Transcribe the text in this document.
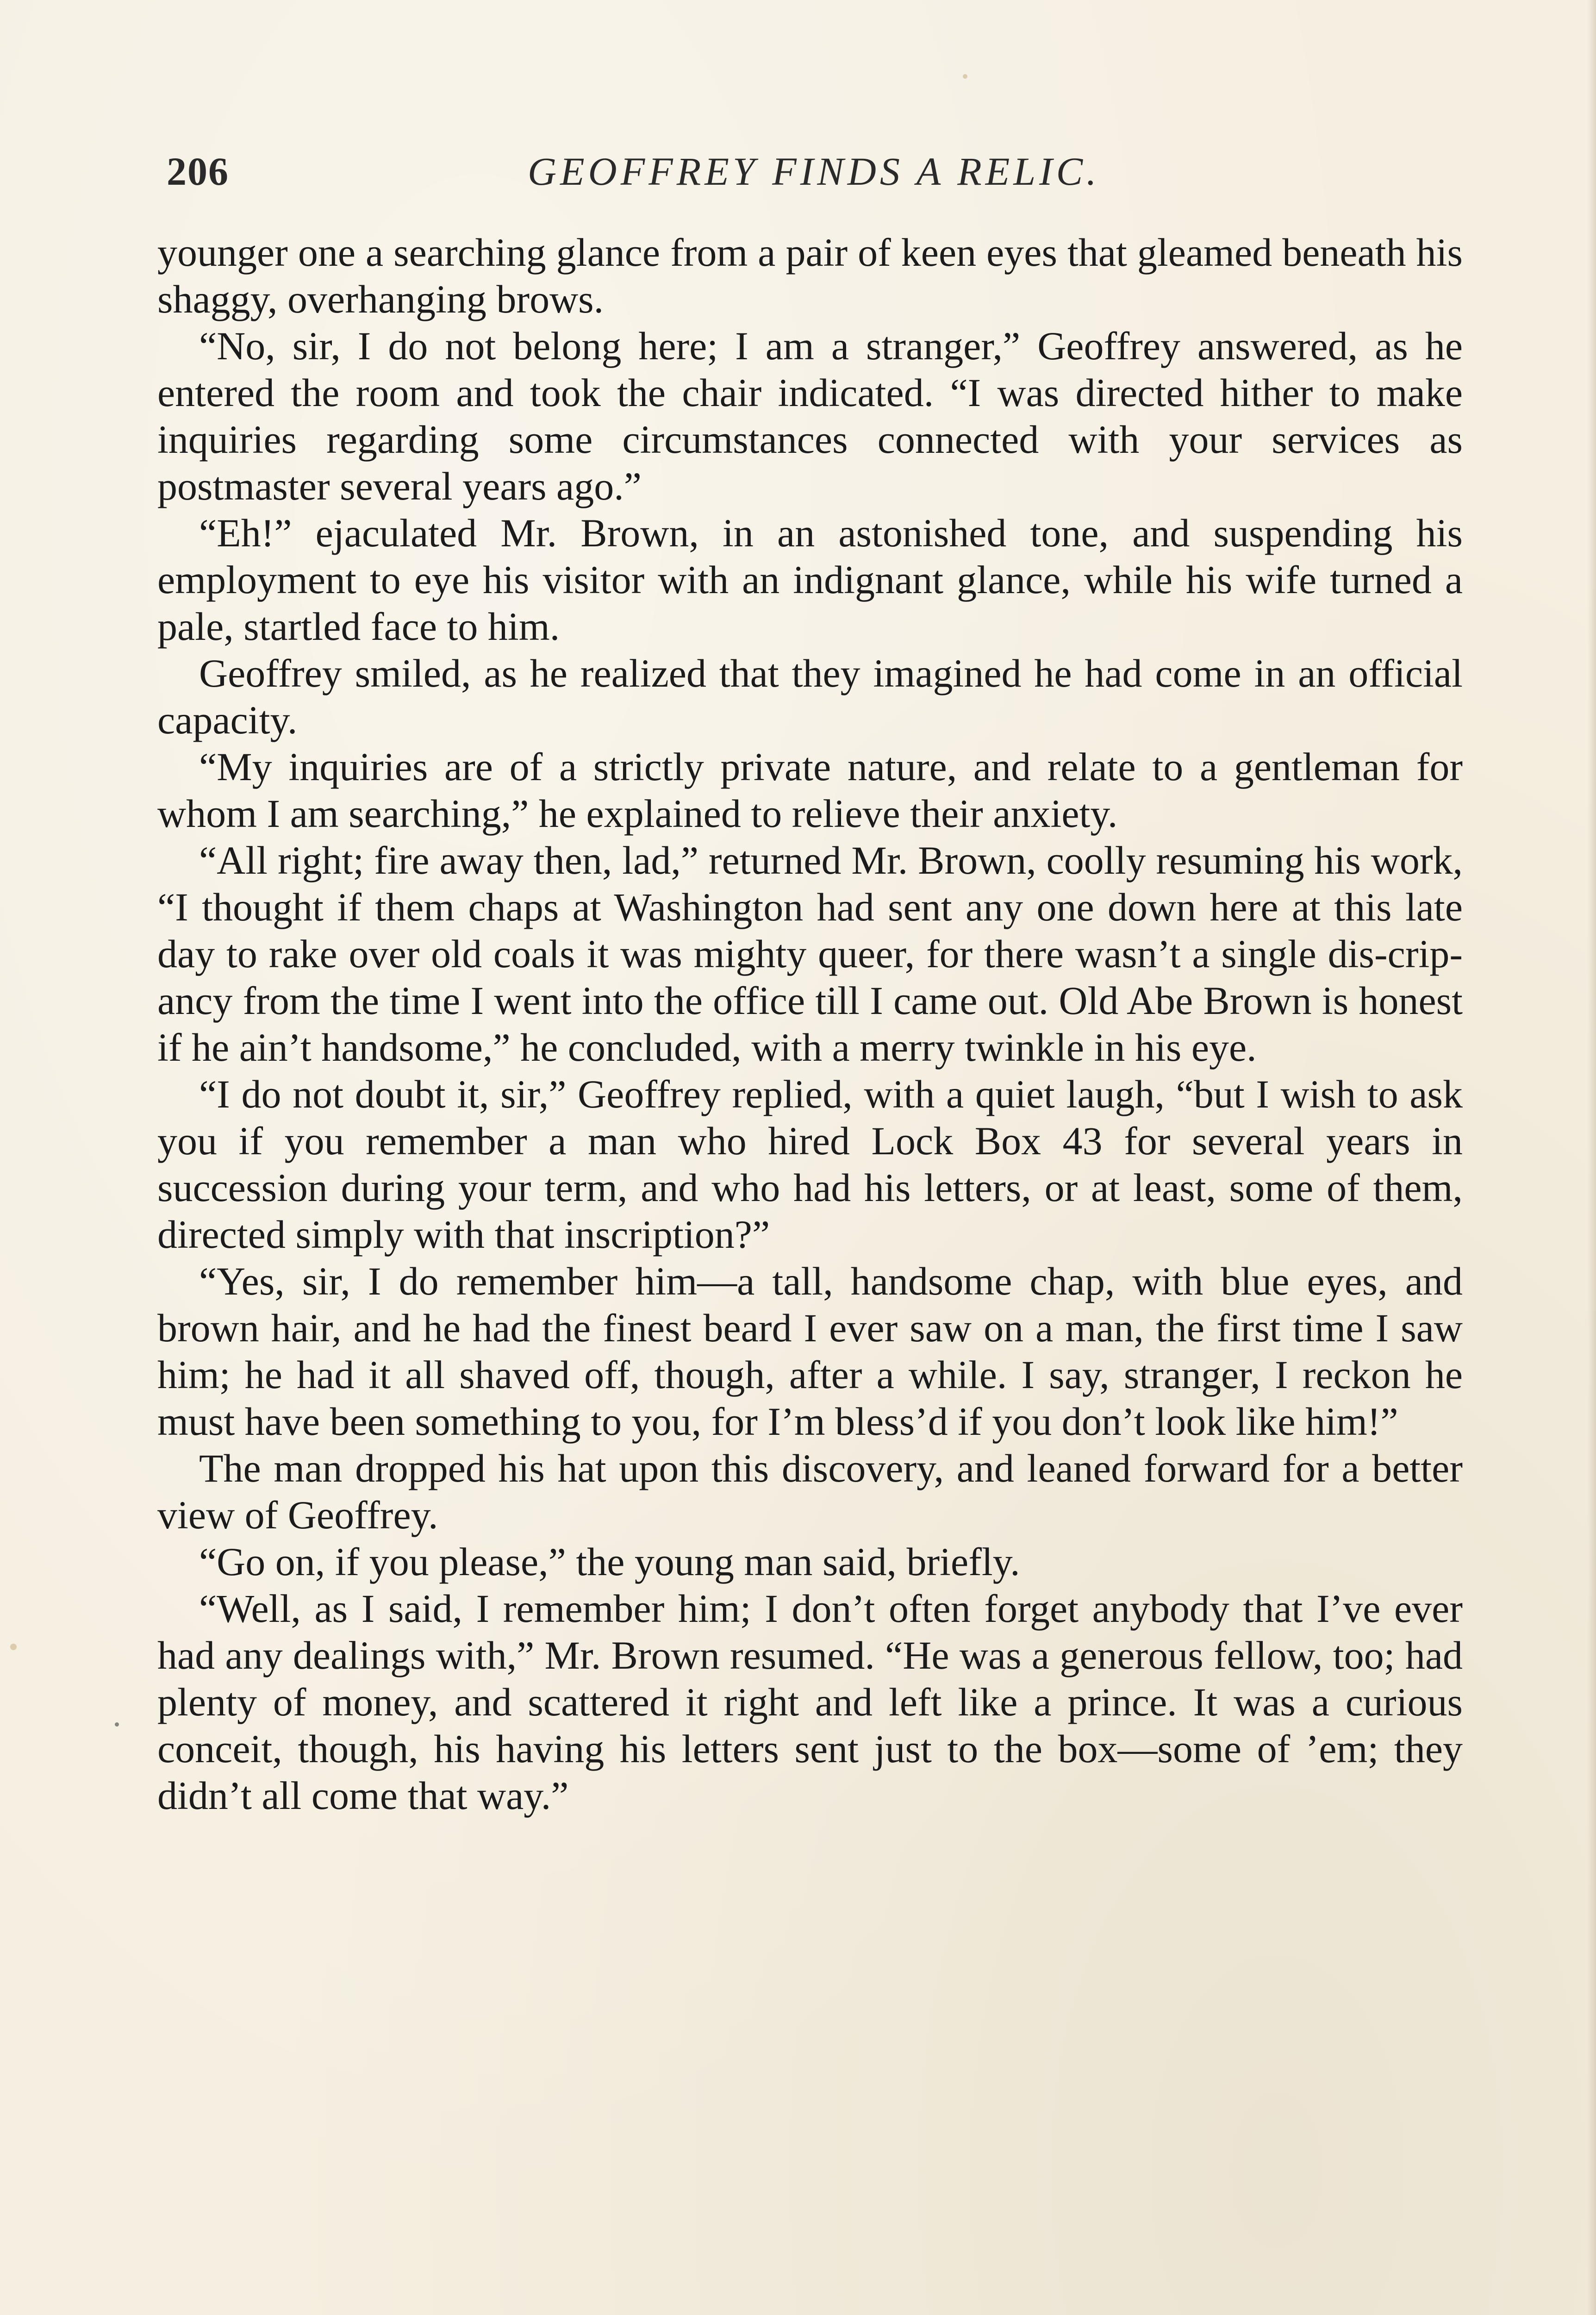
206	GEOFFREY FINDS A RELIC.

younger one a searching glance from a pair of keen eyes that gleamed beneath his shaggy, overhanging brows.

“No, sir, I do not belong here; I am a stranger,” Geoffrey answered, as he entered the room and took the chair indicated. “I was directed hither to make inquiries regarding some circumstances connected with your services as postmaster several years ago.”

“Eh!” ejaculated Mr. Brown, in an astonished tone, and suspending his employment to eye his visitor with an indignant glance, while his wife turned a pale, startled face to him.

Geoffrey smiled, as he realized that they imagined he had come in an official capacity.

“My inquiries are of a strictly private nature, and relate to a gentleman for whom I am searching,” he explained to relieve their anxiety.

“All right; fire away then, lad,” returned Mr. Brown, coolly resuming his work, “I thought if them chaps at Washington had sent any one down here at this late day to rake over old coals it was mighty queer, for there wasn’t a single dis-crip-ancy from the time I went into the office till I came out. Old Abe Brown is honest if he ain’t handsome,” he concluded, with a merry twinkle in his eye.

“I do not doubt it, sir,” Geoffrey replied, with a quiet laugh, “but I wish to ask you if you remember a man who hired Lock Box 43 for several years in succession during your term, and who had his letters, or at least, some of them, directed simply with that inscription?”

“Yes, sir, I do remember him—a tall, handsome chap, with blue eyes, and brown hair, and he had the finest beard I ever saw on a man, the first time I saw him; he had it all shaved off, though, after a while. I say, stranger, I reckon he must have been something to you, for I’m bless’d if you don’t look like him!”

The man dropped his hat upon this discovery, and leaned forward for a better view of Geoffrey.

“Go on, if you please,” the young man said, briefly.

“Well, as I said, I remember him; I don’t often forget anybody that I’ve ever had any dealings with,” Mr. Brown resumed. “He was a generous fellow, too; had plenty of money, and scattered it right and left like a prince. It was a curious conceit, though, his having his letters sent just to the box—some of ’em; they didn’t all come that way.”
